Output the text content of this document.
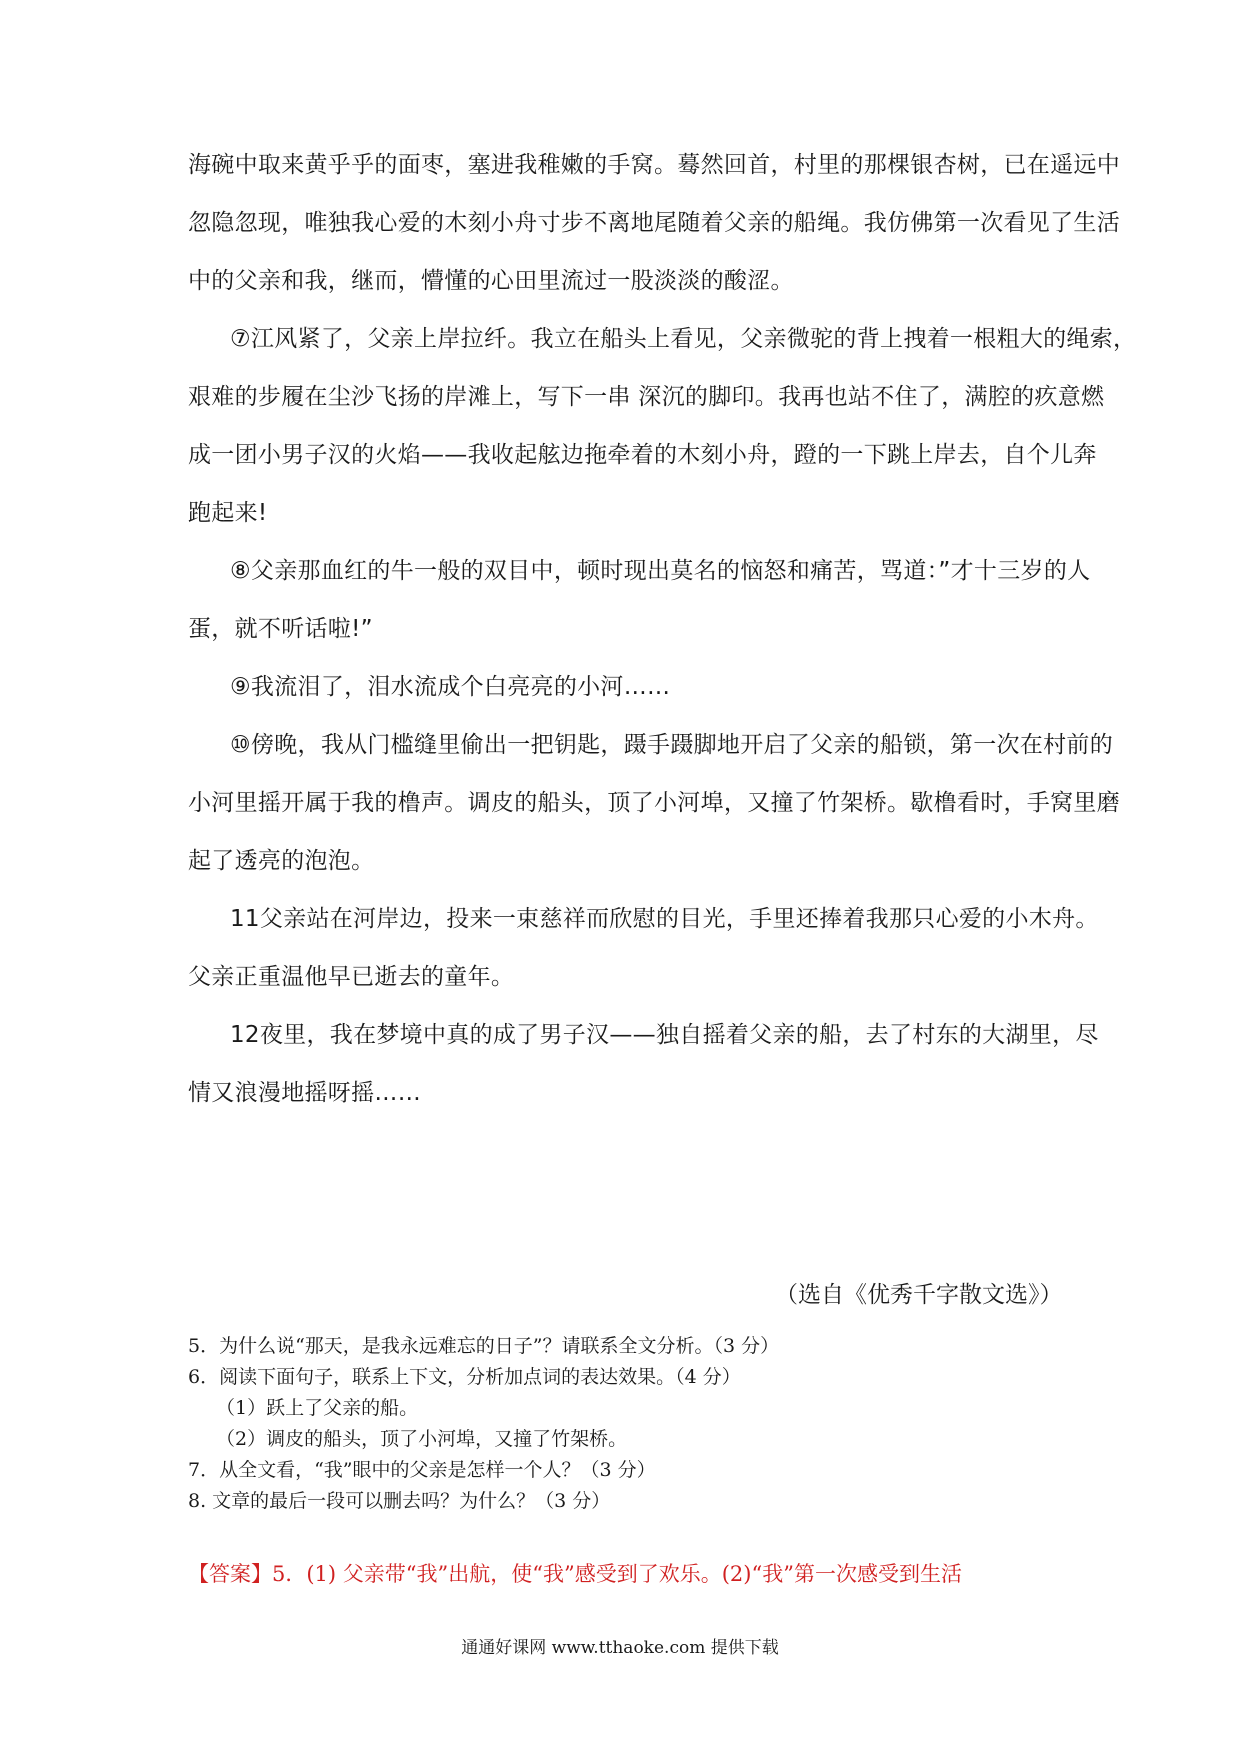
海碗中取来黄乎乎的面枣，塞进我稚嫩的手窝。蓦然回首，村里的那棵银杏树，已在遥远中
忽隐忽现，唯独我心爱的木刻小舟寸步不离地尾随着父亲的船绳。我仿佛第一次看见了生活
中的父亲和我，继而，懵懂的心田里流过一股淡淡的酸涩。
⑦江风紧了，父亲上岸拉纤。我立在船头上看见，父亲微驼的背上拽着一根粗大的绳索，
艰难的步履在尘沙飞扬的岸滩上，写下一串 深沉的脚印。我再也站不住了，满腔的疚意燃
成一团小男子汉的火焰——我收起舷边拖牵着的木刻小舟，蹬的一下跳上岸去，自个儿奔
跑起来!
⑧父亲那血红的牛一般的双目中，顿时现出莫名的恼怒和痛苦，骂道：”才十三岁的人
蛋，就不听话啦!”
⑨我流泪了，泪水流成个白亮亮的小河……
⑩傍晚，我从门槛缝里偷出一把钥匙，蹑手蹑脚地开启了父亲的船锁，第一次在村前的
小河里摇开属于我的橹声。调皮的船头，顶了小河埠，又撞了竹架桥。歇橹看时，手窝里磨
起了透亮的泡泡。
11父亲站在河岸边，投来一束慈祥而欣慰的目光，手里还捧着我那只心爱的小木舟。
父亲正重温他早已逝去的童年。
12夜里，我在梦境中真的成了男子汉——独自摇着父亲的船，去了村东的大湖里，尽
情又浪漫地摇呀摇……
（选自《优秀千字散文选》）
5．为什么说“那天，是我永远难忘的日子”？请联系全文分析。（3 分）
6．阅读下面句子，联系上下文，分析加点词的表达效果。（4 分）
（1）跃上了父亲的船。
（2）调皮的船头，顶了小河埠，又撞了竹架桥。
7．从全文看，“我”眼中的父亲是怎样一个人？（3 分）
8. 文章的最后一段可以删去吗？为什么？（3 分）
【答案】5．(1) 父亲带“我”出航，使“我”感受到了欢乐。(2)“我”第一次感受到生活
通通好课网 www.tthaoke.com 提供下载
